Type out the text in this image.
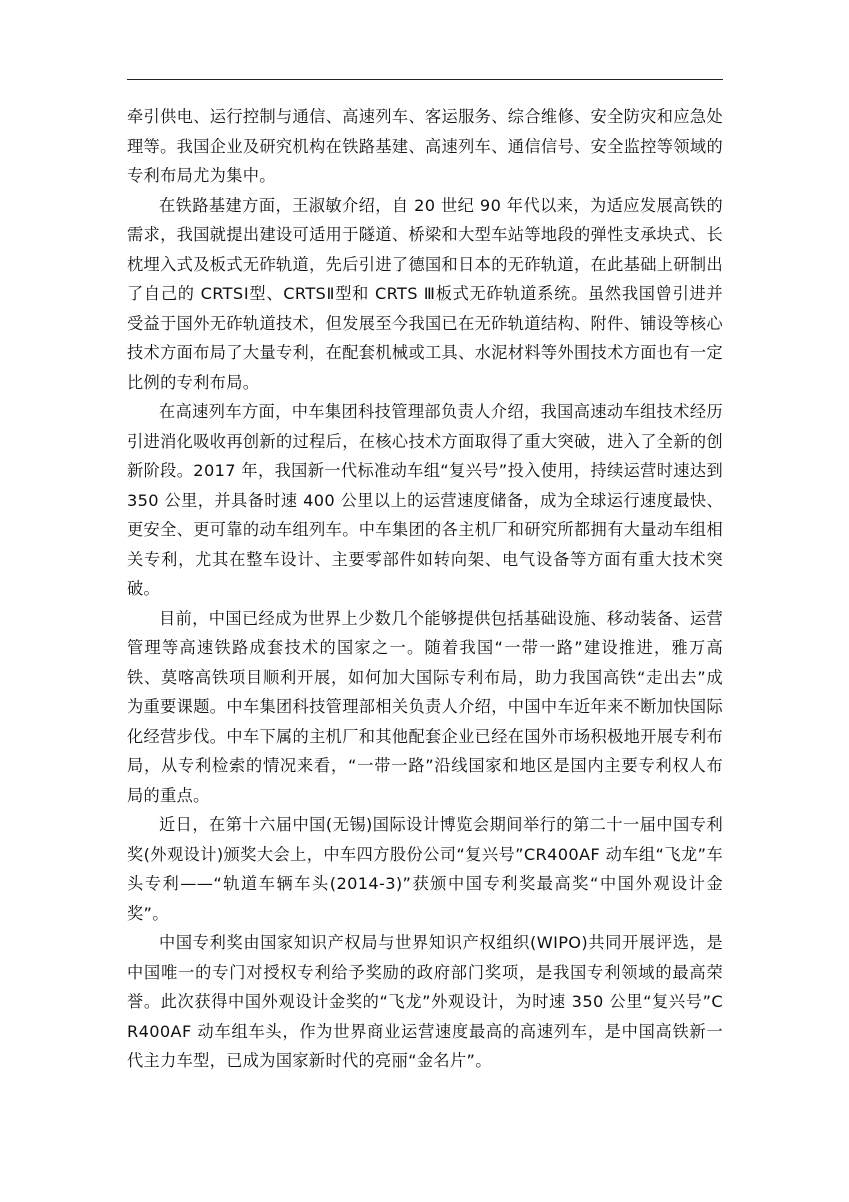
牵引供电、运行控制与通信、高速列车、客运服务、综合维修、安全防灾和应急处理等。我国企业及研究机构在铁路基建、高速列车、通信信号、安全监控等领域的专利布局尤为集中。

在铁路基建方面，王淑敏介绍，自 20 世纪 90 年代以来，为适应发展高铁的需求，我国就提出建设可适用于隧道、桥梁和大型车站等地段的弹性支承块式、长枕埋入式及板式无砟轨道，先后引进了德国和日本的无砟轨道，在此基础上研制出了自己的 CRTSⅠ型、CRTSⅡ型和 CRTS Ⅲ板式无砟轨道系统。虽然我国曾引进并受益于国外无砟轨道技术，但发展至今我国已在无砟轨道结构、附件、铺设等核心技术方面布局了大量专利，在配套机械或工具、水泥材料等外围技术方面也有一定比例的专利布局。

在高速列车方面，中车集团科技管理部负责人介绍，我国高速动车组技术经历引进消化吸收再创新的过程后，在核心技术方面取得了重大突破，进入了全新的创新阶段。2017 年，我国新一代标准动车组“复兴号”投入使用，持续运营时速达到 350 公里，并具备时速 400 公里以上的运营速度储备，成为全球运行速度最快、更安全、更可靠的动车组列车。中车集团的各主机厂和研究所都拥有大量动车组相关专利，尤其在整车设计、主要零部件如转向架、电气设备等方面有重大技术突破。

目前，中国已经成为世界上少数几个能够提供包括基础设施、移动装备、运营管理等高速铁路成套技术的国家之一。随着我国“一带一路”建设推进，雅万高铁、莫喀高铁项目顺利开展，如何加大国际专利布局，助力我国高铁“走出去”成为重要课题。中车集团科技管理部相关负责人介绍，中国中车近年来不断加快国际化经营步伐。中车下属的主机厂和其他配套企业已经在国外市场积极地开展专利布局，从专利检索的情况来看，“一带一路”沿线国家和地区是国内主要专利权人布局的重点。

近日，在第十六届中国(无锡)国际设计博览会期间举行的第二十一届中国专利奖(外观设计)颁奖大会上，中车四方股份公司“复兴号”CR400AF 动车组“飞龙”车头专利——“轨道车辆车头(2014-3)”获颁中国专利奖最高奖“中国外观设计金奖”。

中国专利奖由国家知识产权局与世界知识产权组织(WIPO)共同开展评选，是中国唯一的专门对授权专利给予奖励的政府部门奖项，是我国专利领域的最高荣誉。此次获得中国外观设计金奖的“飞龙”外观设计，为时速 350 公里“复兴号”CR400AF 动车组车头，作为世界商业运营速度最高的高速列车，是中国高铁新一代主力车型，已成为国家新时代的亮丽“金名片”。
